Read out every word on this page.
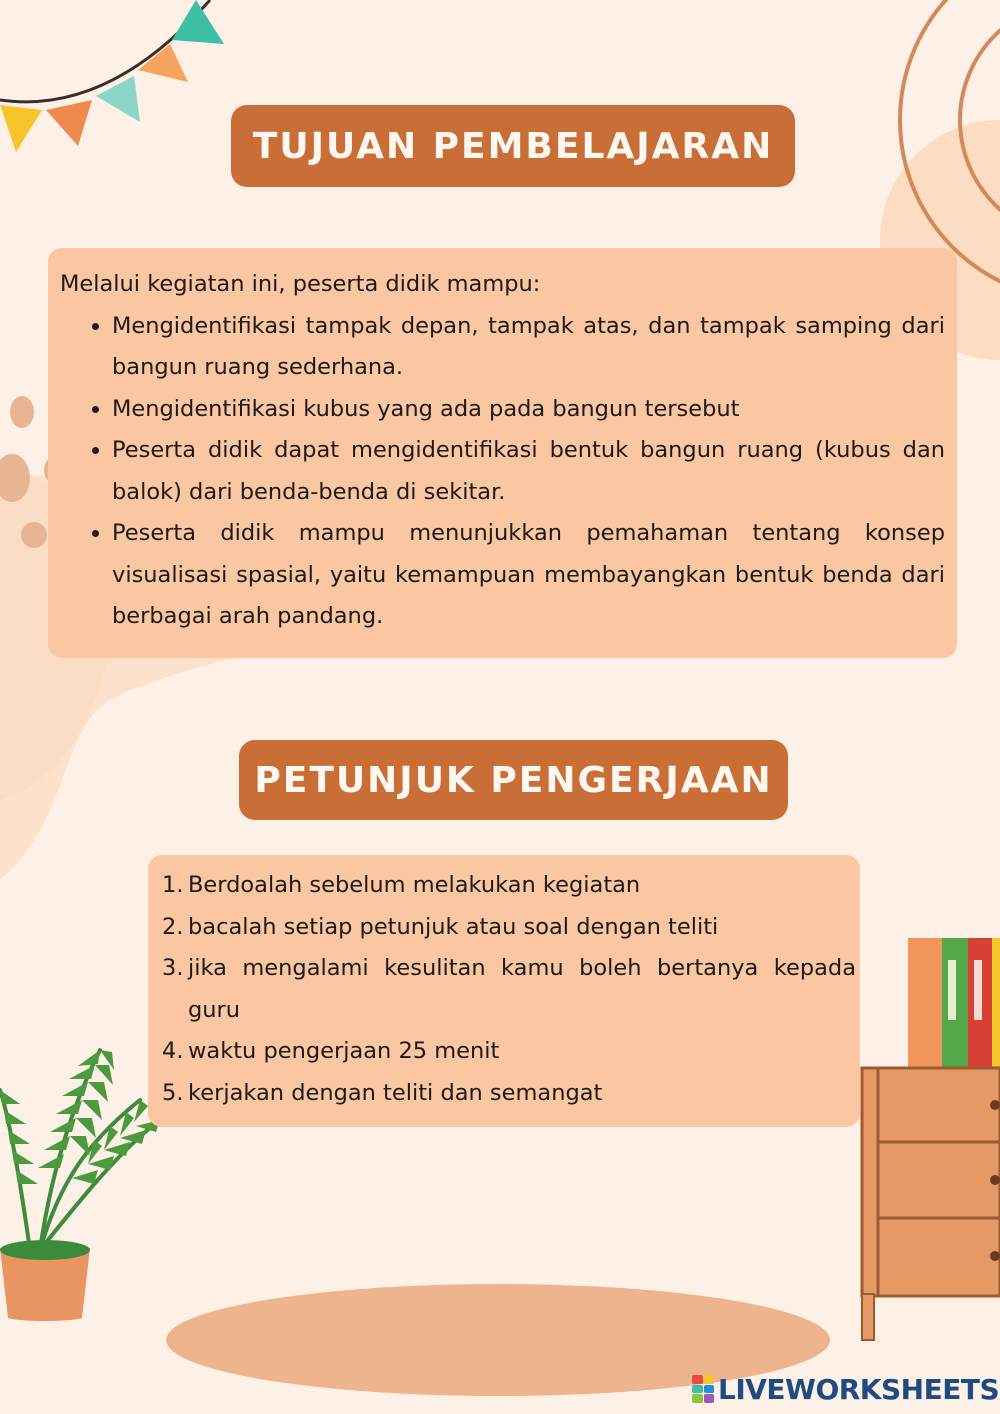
TUJUAN PEMBELAJARAN

Melalui kegiatan ini, peserta didik mampu:

• Mengidentifikasi tampak depan, tampak atas, dan tampak samping dari bangun ruang sederhana.
• Mengidentifikasi kubus yang ada pada bangun tersebut
• Peserta didik dapat mengidentifikasi bentuk bangun ruang (kubus dan balok) dari benda-benda di sekitar.
• Peserta didik mampu menunjukkan pemahaman tentang konsep visualisasi spasial, yaitu kemampuan membayangkan bentuk benda dari berbagai arah pandang.
PETUNJUK PENGERJAAN
1. Berdoalah sebelum melakukan kegiatan
2. bacalah setiap petunjuk atau soal dengan teliti
3. jika mengalami kesulitan kamu boleh bertanya kepada guru
4. waktu pengerjaan 25 menit
5. kerjakan dengan teliti dan semangat
LIVEWORKSHEETS
